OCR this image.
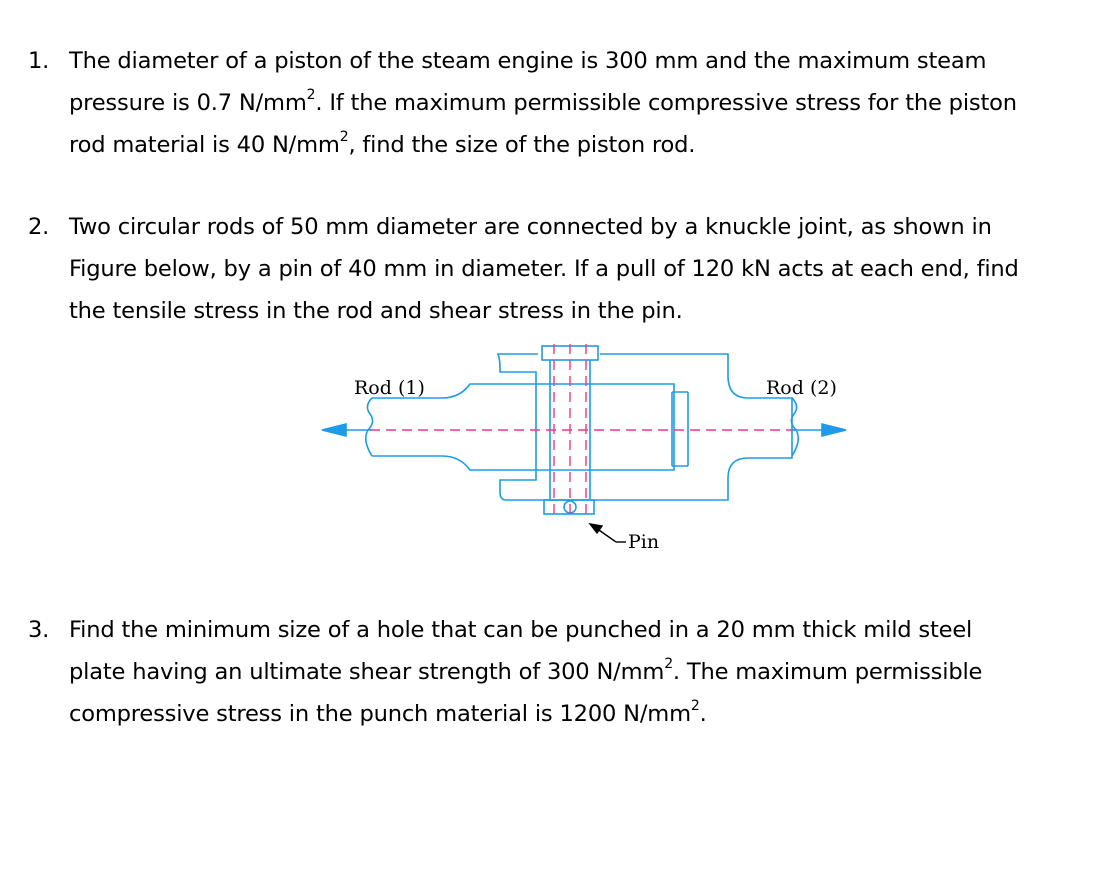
1. The diameter of a piston of the steam engine is 300 mm and the maximum steam
pressure is 0.7 $N/mm^2$. If the maximum permissible compressive stress for the piston
rod material is 40 $N/mm^2$, find the size of the piston rod.
2. Two circular rods of 50 mm diameter are connected by a knuckle joint, as shown in
Figure below, by a pin of 40 mm in diameter. If a pull of 120 kN acts at each end, find
the tensile stress in the rod and shear stress in the pin.
Rod (1)	Rod (2)
Pin
3. Find the minimum size of a hole that can be punched in a 20 mm thick mild steel
plate having an ultimate shear strength of 300 $N/mm^2$. The maximum permissible
compressive stress in the punch material is 1200 $N/mm^2$.
